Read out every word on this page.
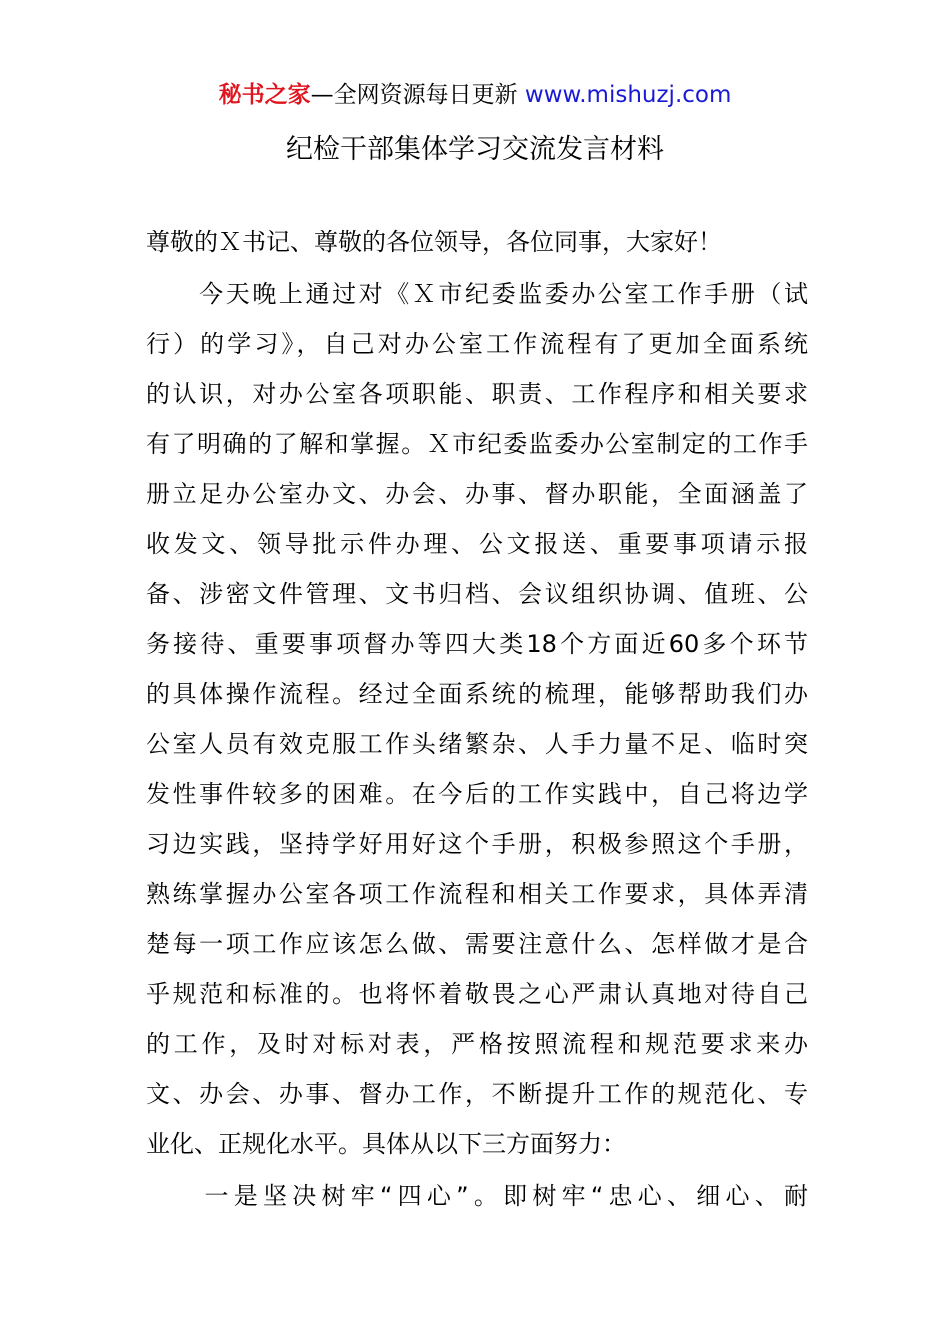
秘书之家—全网资源每日更新 www.mishuzj.com
纪检干部集体学习交流发言材料
尊敬的Ｘ书记、尊敬的各位领导，各位同事，大家好！
　　今天晚上通过对《Ｘ市纪委监委办公室工作手册（试
行）的学习》，自己对办公室工作流程有了更加全面系统
的认识，对办公室各项职能、职责、工作程序和相关要求
有了明确的了解和掌握。Ｘ市纪委监委办公室制定的工作手
册立足办公室办文、办会、办事、督办职能，全面涵盖了
收发文、领导批示件办理、公文报送、重要事项请示报
备、涉密文件管理、文书归档、会议组织协调、值班、公
务接待、重要事项督办等四大类18个方面近60多个环节
的具体操作流程。经过全面系统的梳理，能够帮助我们办
公室人员有效克服工作头绪繁杂、人手力量不足、临时突
发性事件较多的困难。在今后的工作实践中，自己将边学
习边实践，坚持学好用好这个手册，积极参照这个手册，
熟练掌握办公室各项工作流程和相关工作要求，具体弄清
楚每一项工作应该怎么做、需要注意什么、怎样做才是合
乎规范和标准的。也将怀着敬畏之心严肃认真地对待自己
的工作，及时对标对表，严格按照流程和规范要求来办
文、办会、办事、督办工作，不断提升工作的规范化、专
业化、正规化水平。具体从以下三方面努力：
　　一是坚决树牢“四心”。即树牢“忠心、细心、耐
